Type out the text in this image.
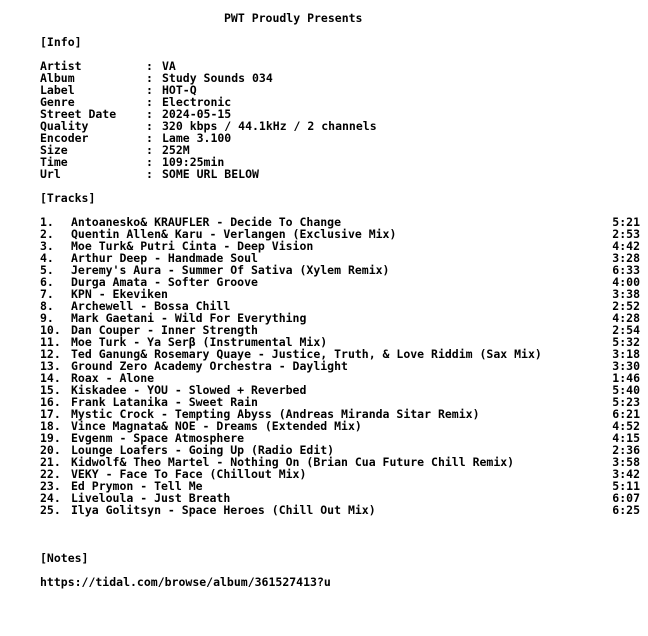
PWT Proudly Presents
[Info]
Artist	: VA
Album	: Study Sounds 034
Label	: HOT-Q
Genre	: Electronic
Street Date	: 2024-05-15
Quality	: 320 kbps / 44.1kHz / 2 channels
Encoder	: Lame 3.100
Size	: 252M
Time	: 109:25min
Url	: SOME URL BELOW
[Tracks]
1.	Antoanesko& KRAUFLER - Decide To Change	5:21
2.	Quentin Allen& Karu - Verlangen (Exclusive Mix)	2:53
3.	Moe Turk& Putri Cinta - Deep Vision	4:42
4.	Arthur Deep - Handmade Soul	3:28
5.	Jeremy's Aura - Summer Of Sativa (Xylem Remix)	6:33
6.	Durga Amata - Softer Groove	4:00
7.	KPN - Ekeviken	3:38
8.	Archewell - Bossa Chill	2:52
9.	Mark Gaetani - Wild For Everything	4:28
10. Dan Couper - Inner Strength	2:54
11. Moe Turk - Ya Serβ (Instrumental Mix)	5:32
12. Ted Ganung& Rosemary Quaye - Justice, Truth, & Love Riddim (Sax Mix)	3:18
13. Ground Zero Academy Orchestra - Daylight	3:30
14. Roax - Alone	1:46
15. Kiskadee - YOU - Slowed + Reverbed	5:40
16. Frank Latanika - Sweet Rain	5:23
17. Mystic Crock - Tempting Abyss (Andreas Miranda Sitar Remix)	6:21
18. Vince Magnata& NOE - Dreams (Extended Mix)	4:52
19. Evgenm - Space Atmosphere	4:15
20. Lounge Loafers - Going Up (Radio Edit)	2:36
21. Kidwolf& Theo Martel - Nothing On (Brian Cua Future Chill Remix)	3:58
22. VEKY - Face To Face (Chillout Mix)	3:42
23. Ed Prymon - Tell Me	5:11
24. Liveloula - Just Breath	6:07
25. Ilya Golitsyn - Space Heroes (Chill Out Mix)	6:25
[Notes]
https://tidal.com/browse/album/361527413?u
